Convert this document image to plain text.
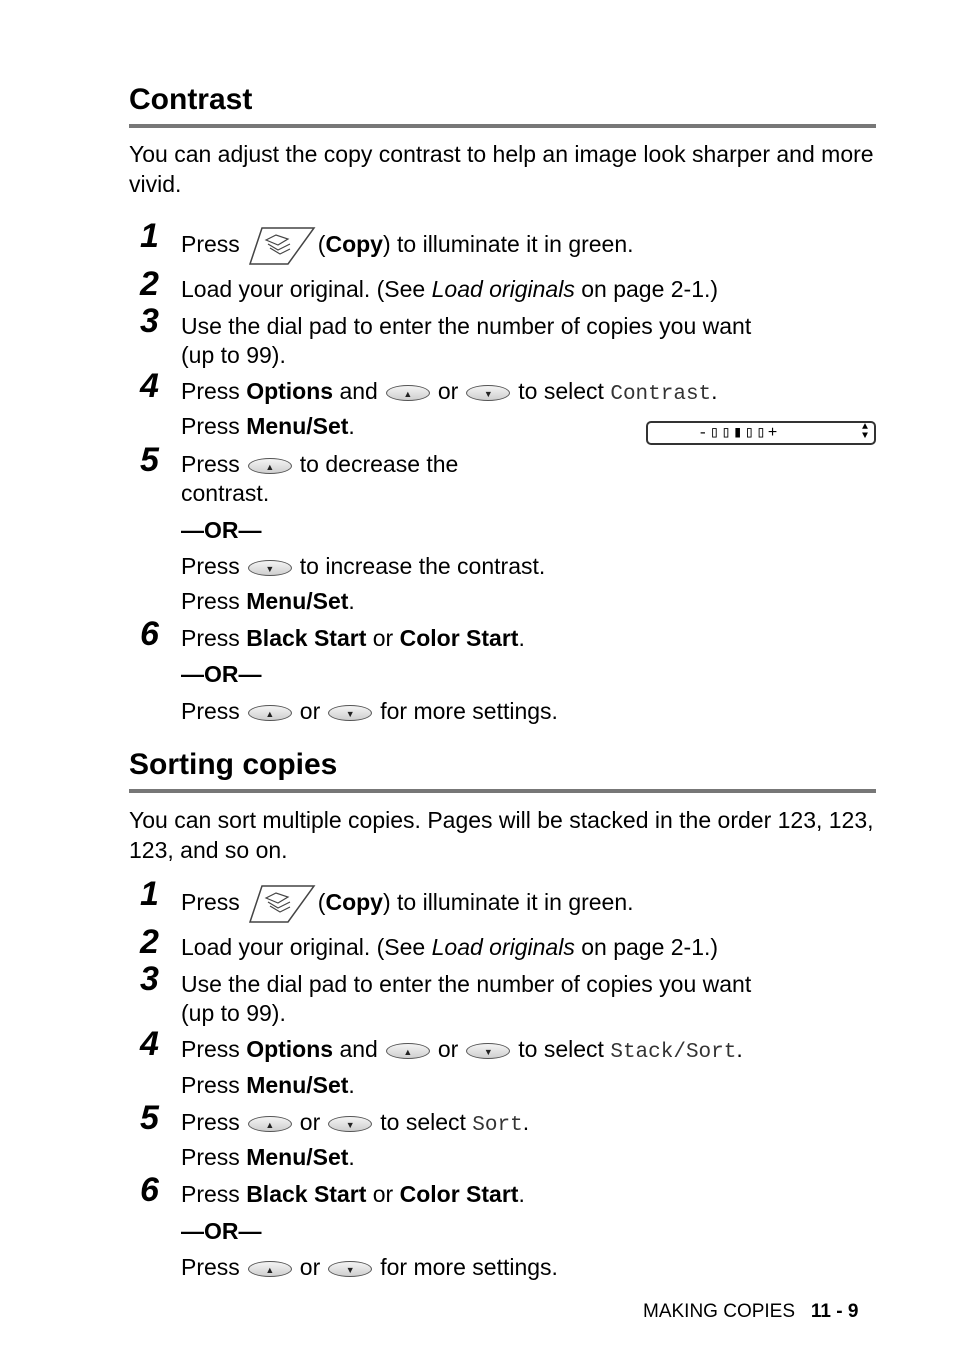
Contrast

You can adjust the copy contrast to help an image look sharper and more vivid.

1 Press	(Copy) to illuminate it in green.
2 Load your original. (See Load originals on page 2-1.)
3 Use the dial pad to enter the number of copies you want
(up to 99).
4 Press Options and	▲ or	▼ to select Contrast.
Press Menu/Set.	-▯▯▮▯▯+	▲
▼
5 Press	▲ to decrease the
contrast.
—OR—
Press	▼ to increase the contrast.
Press Menu/Set.
6 Press Black Start or Color Start.
—OR—
Press	▲ or	▼ for more settings.
Sorting copies

You can sort multiple copies. Pages will be stacked in the order 123, 123, 123, and so on.

1 Press	(Copy) to illuminate it in green.
2 Load your original. (See Load originals on page 2-1.)
3 Use the dial pad to enter the number of copies you want
(up to 99).
4 Press Options and	▲ or	▼ to select Stack/Sort.
Press Menu/Set.
5 Press	▲ or	▼ to select Sort.
Press Menu/Set.
6 Press Black Start or Color Start.
—OR—
Press	▲ or	▼ for more settings.
MAKING COPIES 11 - 9
